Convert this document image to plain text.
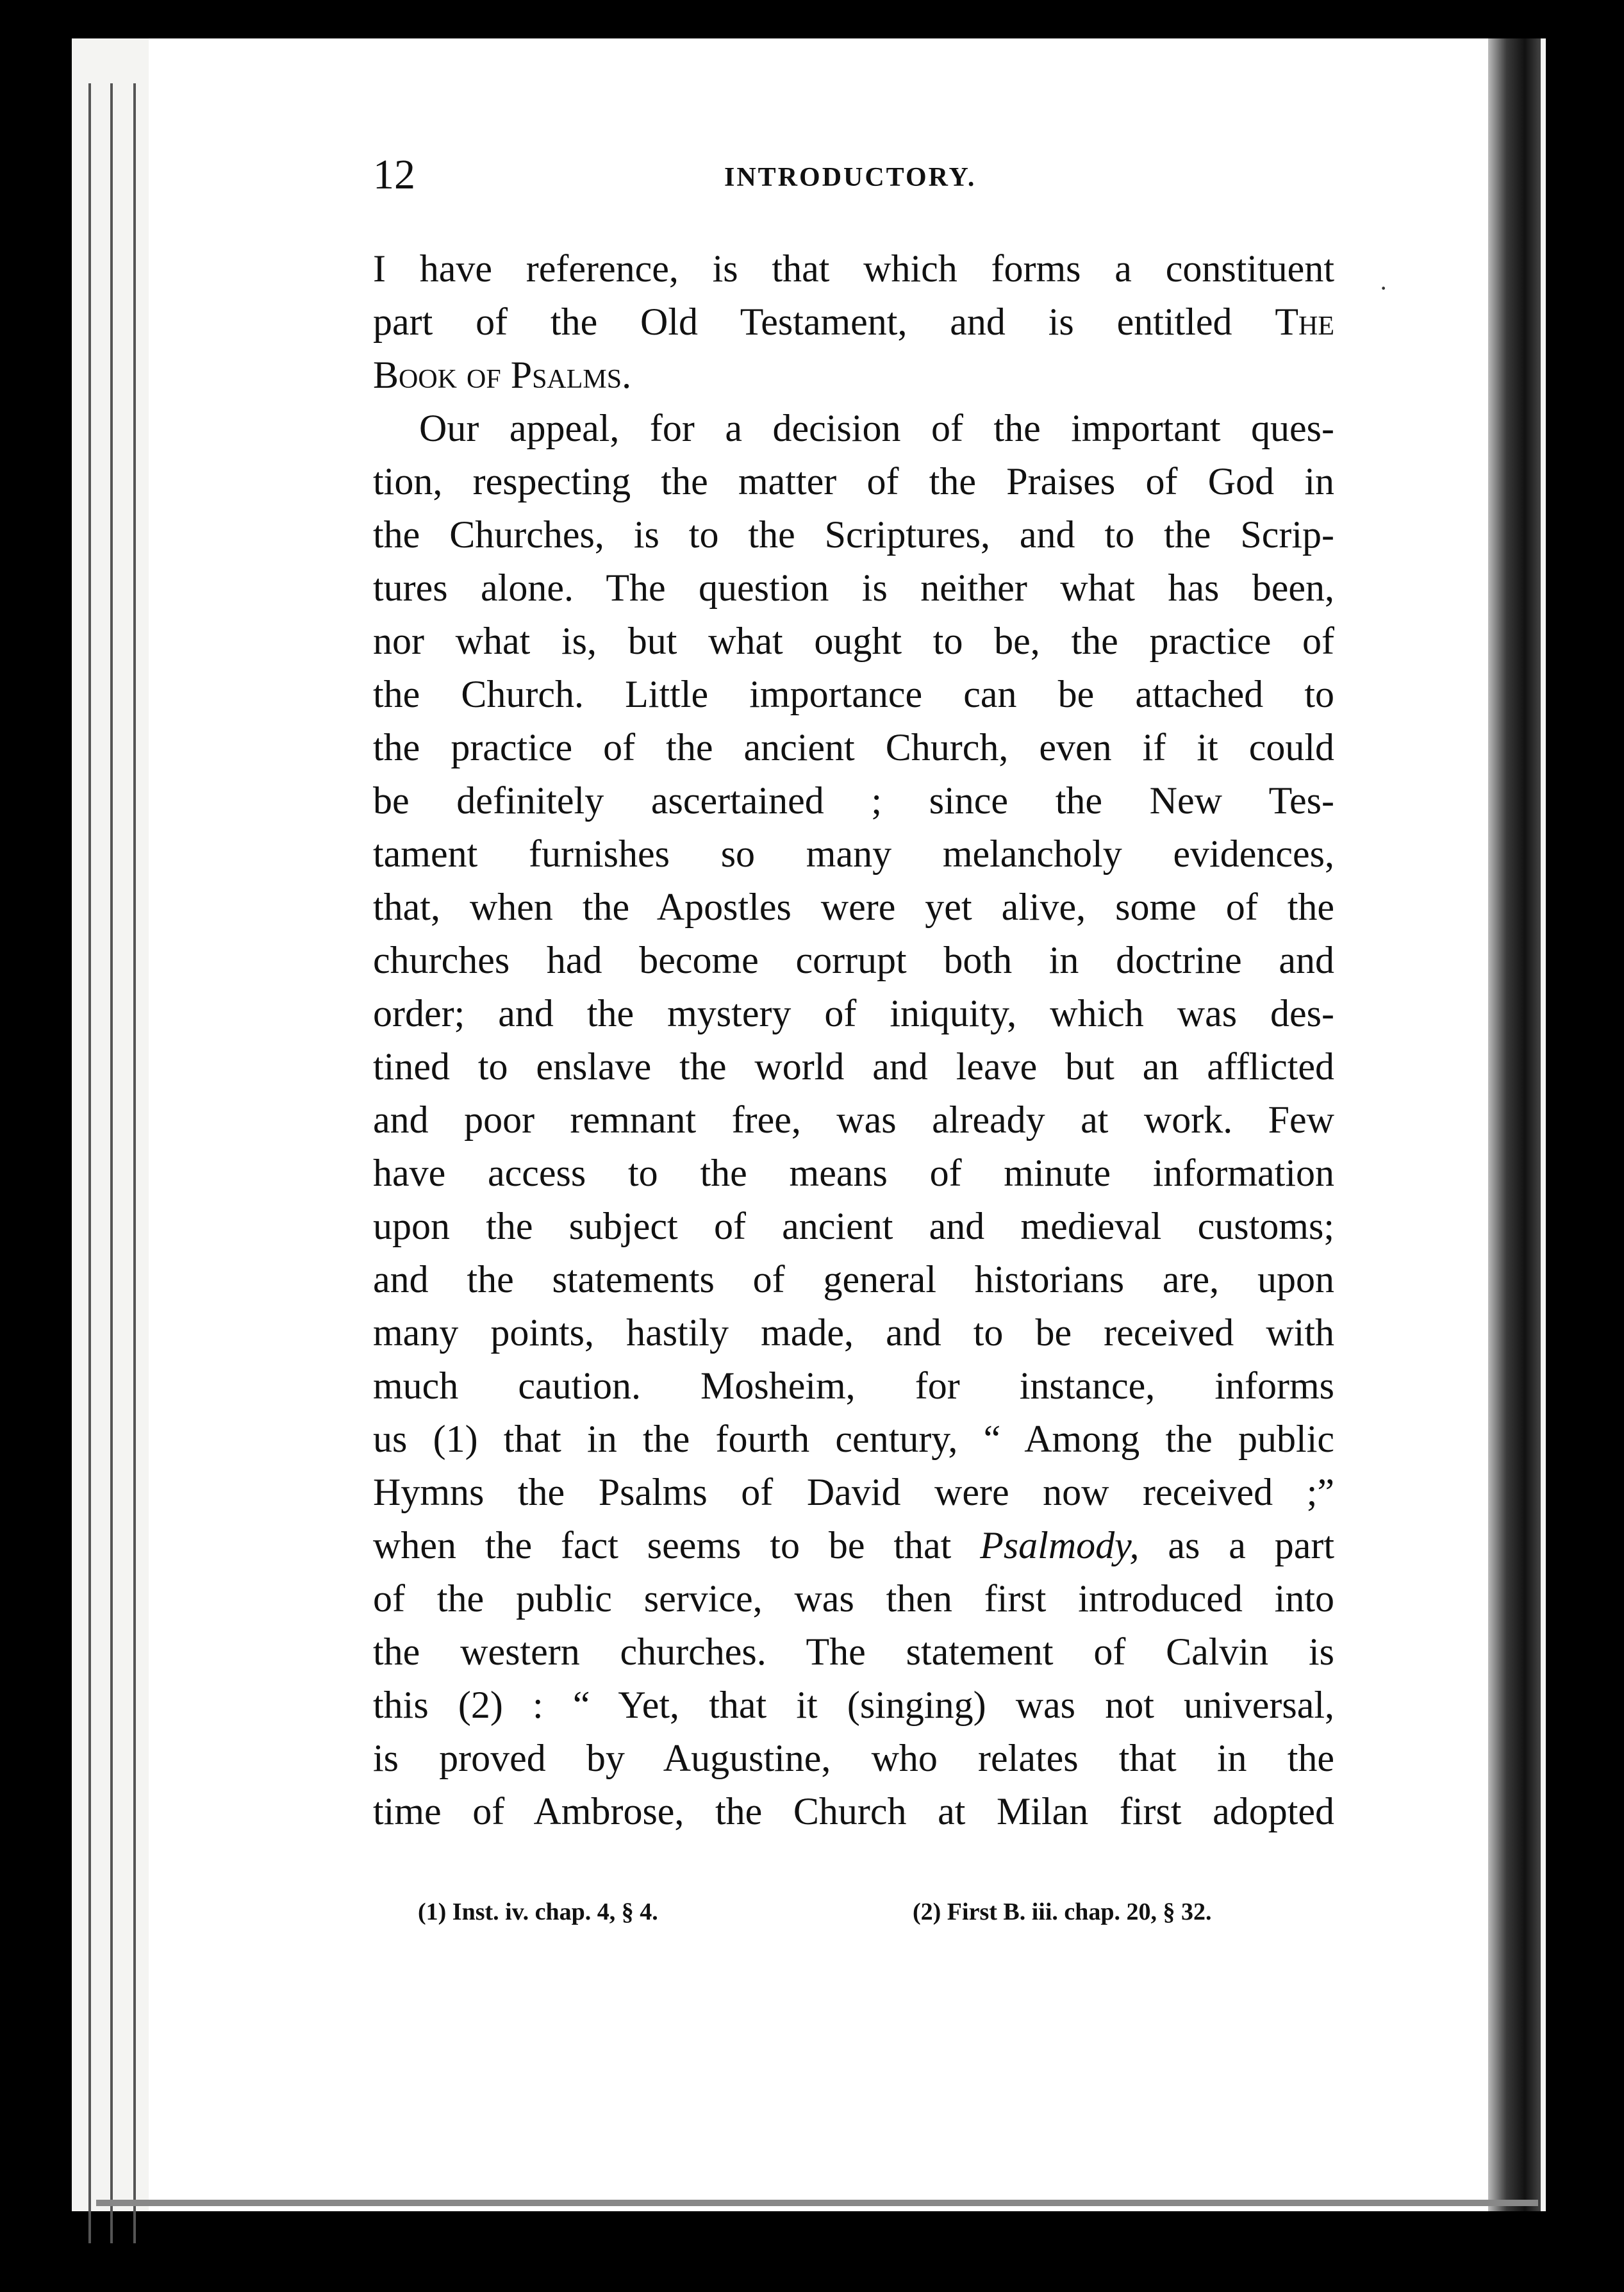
12	INTRODUCTORY.
I have reference, is that which forms a constituent
part of the Old Testament, and is entitled The
Book of Psalms.
Our appeal, for a decision of the important ques-
tion, respecting the matter of the Praises of God in
the Churches, is to the Scriptures, and to the Scrip-
tures alone. The question is neither what has been,
nor what is, but what ought to be, the practice of
the Church. Little importance can be attached to
the practice of the ancient Church, even if it could
be definitely ascertained ; since the New Tes-
tament furnishes so many melancholy evidences,
that, when the Apostles were yet alive, some of the
churches had become corrupt both in doctrine and
order; and the mystery of iniquity, which was des-
tined to enslave the world and leave but an afflicted
and poor remnant free, was already at work. Few
have access to the means of minute information
upon the subject of ancient and medieval customs;
and the statements of general historians are, upon
many points, hastily made, and to be received with
much caution. Mosheim, for instance, informs
us (1) that in the fourth century, “ Among the public
Hymns the Psalms of David were now received ;”
when the fact seems to be that Psalmody, as a part
of the public service, was then first introduced into
the western churches. The statement of Calvin is
this (2) : “ Yet, that it (singing) was not universal,
is proved by Augustine, who relates that in the
time of Ambrose, the Church at Milan first adopted
(1) Inst. iv. chap. 4, § 4.	(2) First B. iii. chap. 20, § 32.
·
